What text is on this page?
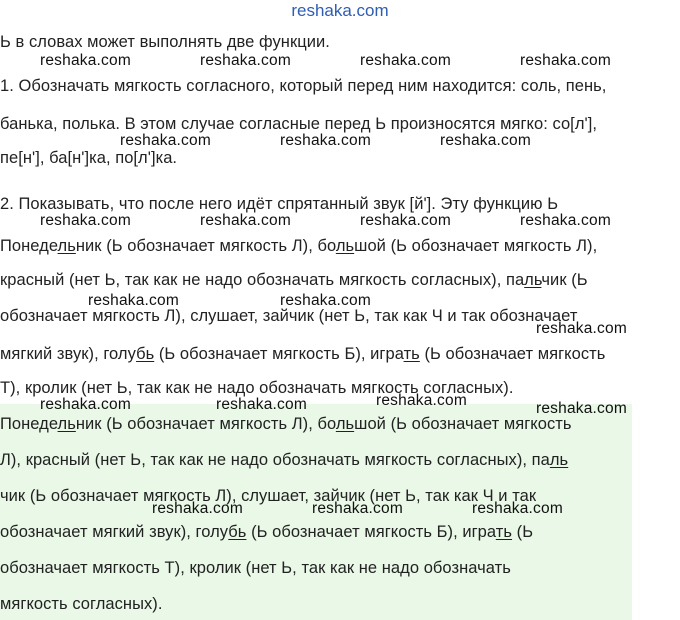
reshaka.com
Ь в словах может выполнять две функции.
1. Обозначать мягкость согласного, который перед ним находится: соль, пень,
банька, полька. В этом случае согласные перед Ь произносятся мягко: со[л'],
пе[н'], ба[н']ка, по[л']ка.
2. Показывать, что после него идёт спрятанный звук [й']. Эту функцию Ь
Понедельник (Ь обозначает мягкость Л), большой (Ь обозначает мягкость Л),
красный (нет Ь, так как не надо обозначать мягкость согласных), пальчик (Ь
обозначает мягкость Л), слушает, зайчик (нет Ь, так как Ч и так обозначает
мягкий звук), голубь (Ь обозначает мягкость Б), играть (Ь обозначает мягкость
Т), кролик (нет Ь, так как не надо обозначать мягкость согласных).
Понедельник (Ь обозначает мягкость Л), большой (Ь обозначает мягкость
Л), красный (нет Ь, так как не надо обозначать мягкость согласных), паль
чик (Ь обозначает мягкость Л), слушает, зайчик (нет Ь, так как Ч и так
обозначает мягкий звук), голубь (Ь обозначает мягкость Б), играть (Ь
обозначает мягкость Т), кролик (нет Ь, так как не надо обозначать
мягкость согласных).
reshaka.com	reshaka.com	reshaka.com	reshaka.com
reshaka.com	reshaka.com	reshaka.com
reshaka.com	reshaka.com	reshaka.com	reshaka.com
reshaka.com	reshaka.com
reshaka.com
reshaka.com	reshaka.com	reshaka.com	reshaka.com
reshaka.com	reshaka.com	reshaka.com
